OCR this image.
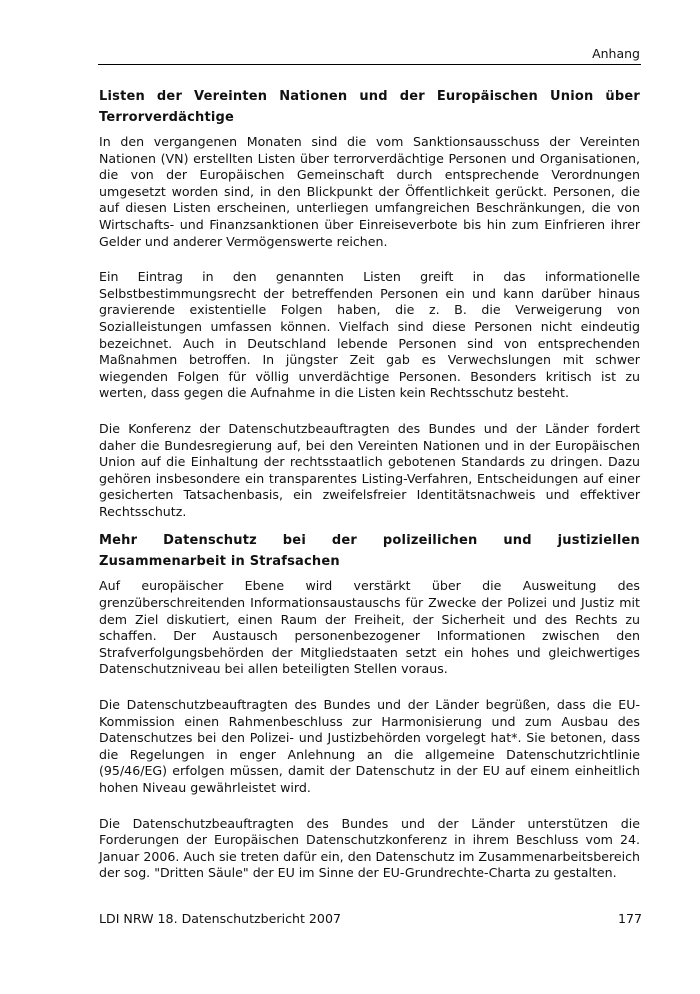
Anhang
Listen der Vereinten Nationen und der Europäischen Union über Terrorverdächtige

In den vergangenen Monaten sind die vom Sanktionsausschuss der Vereinten Nationen (VN) erstellten Listen über terrorverdächtige Personen und Organisationen, die von der Europäischen Gemeinschaft durch entsprechende Verordnungen umgesetzt worden sind, in den Blickpunkt der Öffentlichkeit gerückt. Personen, die auf diesen Listen erscheinen, unterliegen umfangreichen Beschränkungen, die von Wirtschafts- und Finanzsanktionen über Einreiseverbote bis hin zum Einfrieren ihrer Gelder und anderer Vermögenswerte reichen.

Ein Eintrag in den genannten Listen greift in das informationelle Selbstbestimmungsrecht der betreffenden Personen ein und kann darüber hinaus gravierende existentielle Folgen haben, die z. B. die Verweigerung von Sozialleistungen umfassen können. Vielfach sind diese Personen nicht eindeutig bezeichnet. Auch in Deutschland lebende Personen sind von entsprechenden Maßnahmen betroffen. In jüngster Zeit gab es Verwechslungen mit schwer wiegenden Folgen für völlig unverdächtige Personen. Besonders kritisch ist zu werten, dass gegen die Aufnahme in die Listen kein Rechtsschutz besteht.

Die Konferenz der Datenschutzbeauftragten des Bundes und der Länder fordert daher die Bundesregierung auf, bei den Vereinten Nationen und in der Europäischen Union auf die Einhaltung der rechtsstaatlich gebotenen Standards zu dringen. Dazu gehören insbesondere ein transparentes Listing-Verfahren, Entscheidungen auf einer gesicherten Tatsachenbasis, ein zweifelsfreier Identitätsnachweis und effektiver Rechtsschutz.

Mehr Datenschutz bei der polizeilichen und justiziellen Zusammenarbeit in Strafsachen

Auf europäischer Ebene wird verstärkt über die Ausweitung des grenzüberschreitenden Informationsaustauschs für Zwecke der Polizei und Justiz mit dem Ziel diskutiert, einen Raum der Freiheit, der Sicherheit und des Rechts zu schaffen. Der Austausch personenbezogener Informationen zwischen den Strafverfolgungsbehörden der Mitgliedstaaten setzt ein hohes und gleichwertiges Datenschutzniveau bei allen beteiligten Stellen voraus.

Die Datenschutzbeauftragten des Bundes und der Länder begrüßen, dass die EU-Kommission einen Rahmenbeschluss zur Harmonisierung und zum Ausbau des Datenschutzes bei den Polizei- und Justizbehörden vorgelegt hat*. Sie betonen, dass die Regelungen in enger Anlehnung an die allgemeine Datenschutzrichtlinie (95/46/EG) erfolgen müssen, damit der Datenschutz in der EU auf einem einheitlich hohen Niveau gewährleistet wird.

Die Datenschutzbeauftragten des Bundes und der Länder unterstützen die Forderungen der Europäischen Datenschutzkonferenz in ihrem Beschluss vom 24. Januar 2006. Auch sie treten dafür ein, den Datenschutz im Zusammenarbeitsbereich der sog. "Dritten Säule" der EU im Sinne der EU-Grundrechte-Charta zu gestalten.

LDI NRW 18. Datenschutzbericht 2007	177
